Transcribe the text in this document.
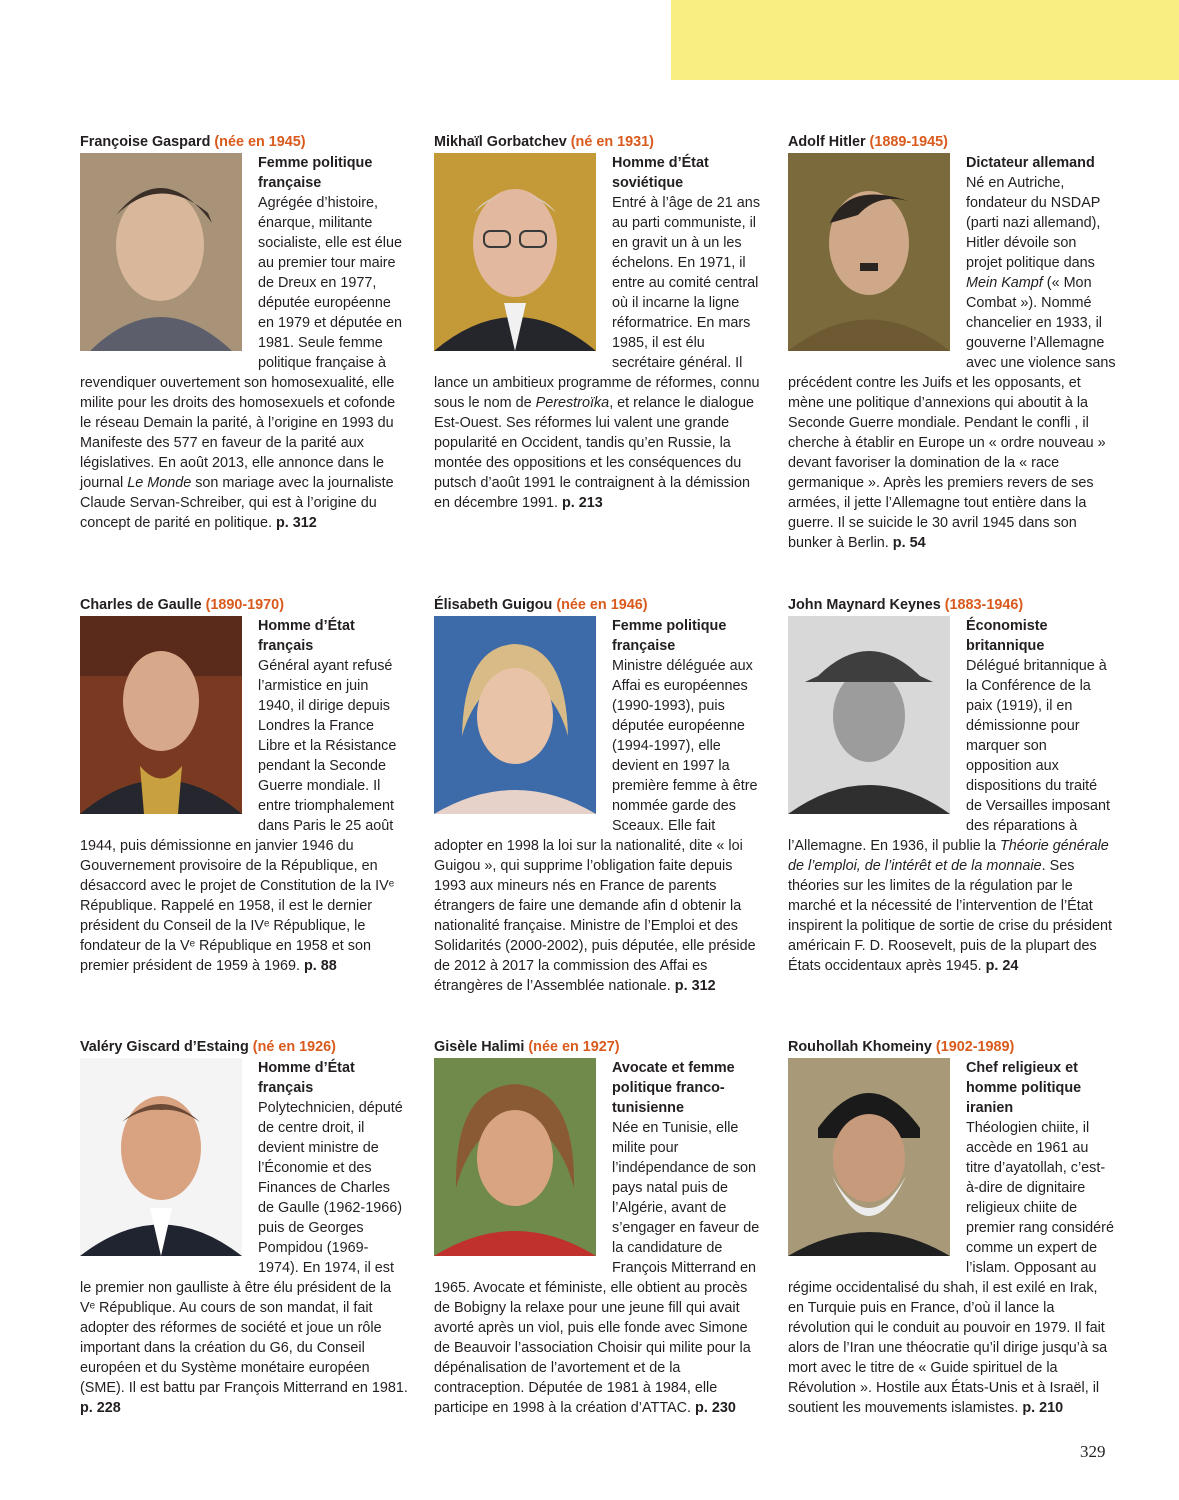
Françoise Gaspard (née en 1945)
Femme politique française
Agrégée d’histoire, énarque, militante socialiste, elle est élue au premier tour maire de Dreux en 1977, députée européenne en 1979 et députée en 1981. Seule femme politique française à revendiquer ouvertement son homosexualité, elle milite pour les droits des homosexuels et cofonde le réseau Demain la parité, à l’origine en 1993 du Manifeste des 577 en faveur de la parité aux législatives. En août 2013, elle annonce dans le journal Le Monde son mariage avec la journaliste Claude Servan-Schreiber, qui est à l’origine du concept de parité en politique. p. 312
Mikhaïl Gorbatchev (né en 1931)
Homme d’État soviétique
Entré à l’âge de 21 ans au parti communiste, il en gravit un à un les échelons. En 1971, il entre au comité central où il incarne la ligne réformatrice. En mars 1985, il est élu secrétaire général. Il lance un ambitieux programme de réformes, connu sous le nom de Perestroïka, et relance le dialogue Est-Ouest. Ses réformes lui valent une grande popularité en Occident, tandis qu’en Russie, la montée des oppositions et les conséquences du putsch d’août 1991 le contraignent à la démission en décembre 1991. p. 213
Adolf Hitler (1889-1945)
Dictateur allemand
Né en Autriche, fondateur du NSDAP (parti nazi allemand), Hitler dévoile son projet politique dans Mein Kampf (« Mon Combat »). Nommé chancelier en 1933, il gouverne l’Allemagne avec une violence sans précédent contre les Juifs et les opposants, et mène une politique d’annexions qui aboutit à la Seconde Guerre mondiale. Pendant le confli , il cherche à établir en Europe un « ordre nouveau » devant favoriser la domination de la « race germanique ». Après les premiers revers de ses armées, il jette l’Allemagne tout entière dans la guerre. Il se suicide le 30 avril 1945 dans son bunker à Berlin. p. 54
Charles de Gaulle (1890-1970)
Homme d’État français
Général ayant refusé l’armistice en juin 1940, il dirige depuis Londres la France Libre et la Résistance pendant la Seconde Guerre mondiale. Il entre triomphalement dans Paris le 25 août 1944, puis démissionne en janvier 1946 du Gouvernement provisoire de la République, en désaccord avec le projet de Constitution de la IVᵉ République. Rappelé en 1958, il est le dernier président du Conseil de la IVᵉ République, le fondateur de la Vᵉ République en 1958 et son premier président de 1959 à 1969. p. 88
Élisabeth Guigou (née en 1946)
Femme politique française
Ministre déléguée aux Affai es européennes (1990-1993), puis députée européenne (1994-1997), elle devient en 1997 la première femme à être nommée garde des Sceaux. Elle fait adopter en 1998 la loi sur la nationalité, dite « loi Guigou », qui supprime l’obligation faite depuis 1993 aux mineurs nés en France de parents étrangers de faire une demande afin d obtenir la nationalité française. Ministre de l’Emploi et des Solidarités (2000-2002), puis députée, elle préside de 2012 à 2017 la commission des Affai es étrangères de l’Assemblée nationale. p. 312
John Maynard Keynes (1883-1946)
Économiste britannique
Délégué britannique à la Conférence de la paix (1919), il en démissionne pour marquer son opposition aux dispositions du traité de Versailles imposant des réparations à l’Allemagne. En 1936, il publie la Théorie générale de l’emploi, de l’intérêt et de la monnaie. Ses théories sur les limites de la régulation par le marché et la nécessité de l’intervention de l’État inspirent la politique de sortie de crise du président américain F. D. Roosevelt, puis de la plupart des États occidentaux après 1945. p. 24
Valéry Giscard d’Estaing (né en 1926)
Homme d’État français
Polytechnicien, député de centre droit, il devient ministre de l’Économie et des Finances de Charles de Gaulle (1962-1966) puis de Georges Pompidou (1969-1974). En 1974, il est le premier non gaulliste à être élu président de la Vᵉ République. Au cours de son mandat, il fait adopter des réformes de société et joue un rôle important dans la création du G6, du Conseil européen et du Système monétaire européen (SME). Il est battu par François Mitterrand en 1981. p. 228
Gisèle Halimi (née en 1927)
Avocate et femme politique franco-tunisienne
Née en Tunisie, elle milite pour l’indépendance de son pays natal puis de l’Algérie, avant de s’engager en faveur de la candidature de François Mitterrand en 1965. Avocate et féministe, elle obtient au procès de Bobigny la relaxe pour une jeune fill qui avait avorté après un viol, puis elle fonde avec Simone de Beauvoir l’association Choisir qui milite pour la dépénalisation de l’avortement et de la contraception. Députée de 1981 à 1984, elle participe en 1998 à la création d’ATTAC. p. 230
Rouhollah Khomeiny (1902-1989)
Chef religieux et homme politique iranien
Théologien chiite, il accède en 1961 au titre d’ayatollah, c’est-à-dire de dignitaire religieux chiite de premier rang considéré comme un expert de l’islam. Opposant au régime occidentalisé du shah, il est exilé en Irak, en Turquie puis en France, d’où il lance la révolution qui le conduit au pouvoir en 1979. Il fait alors de l’Iran une théocratie qu’il dirige jusqu’à sa mort avec le titre de « Guide spirituel de la Révolution ». Hostile aux États-Unis et à Israël, il soutient les mouvements islamistes. p. 210
329
